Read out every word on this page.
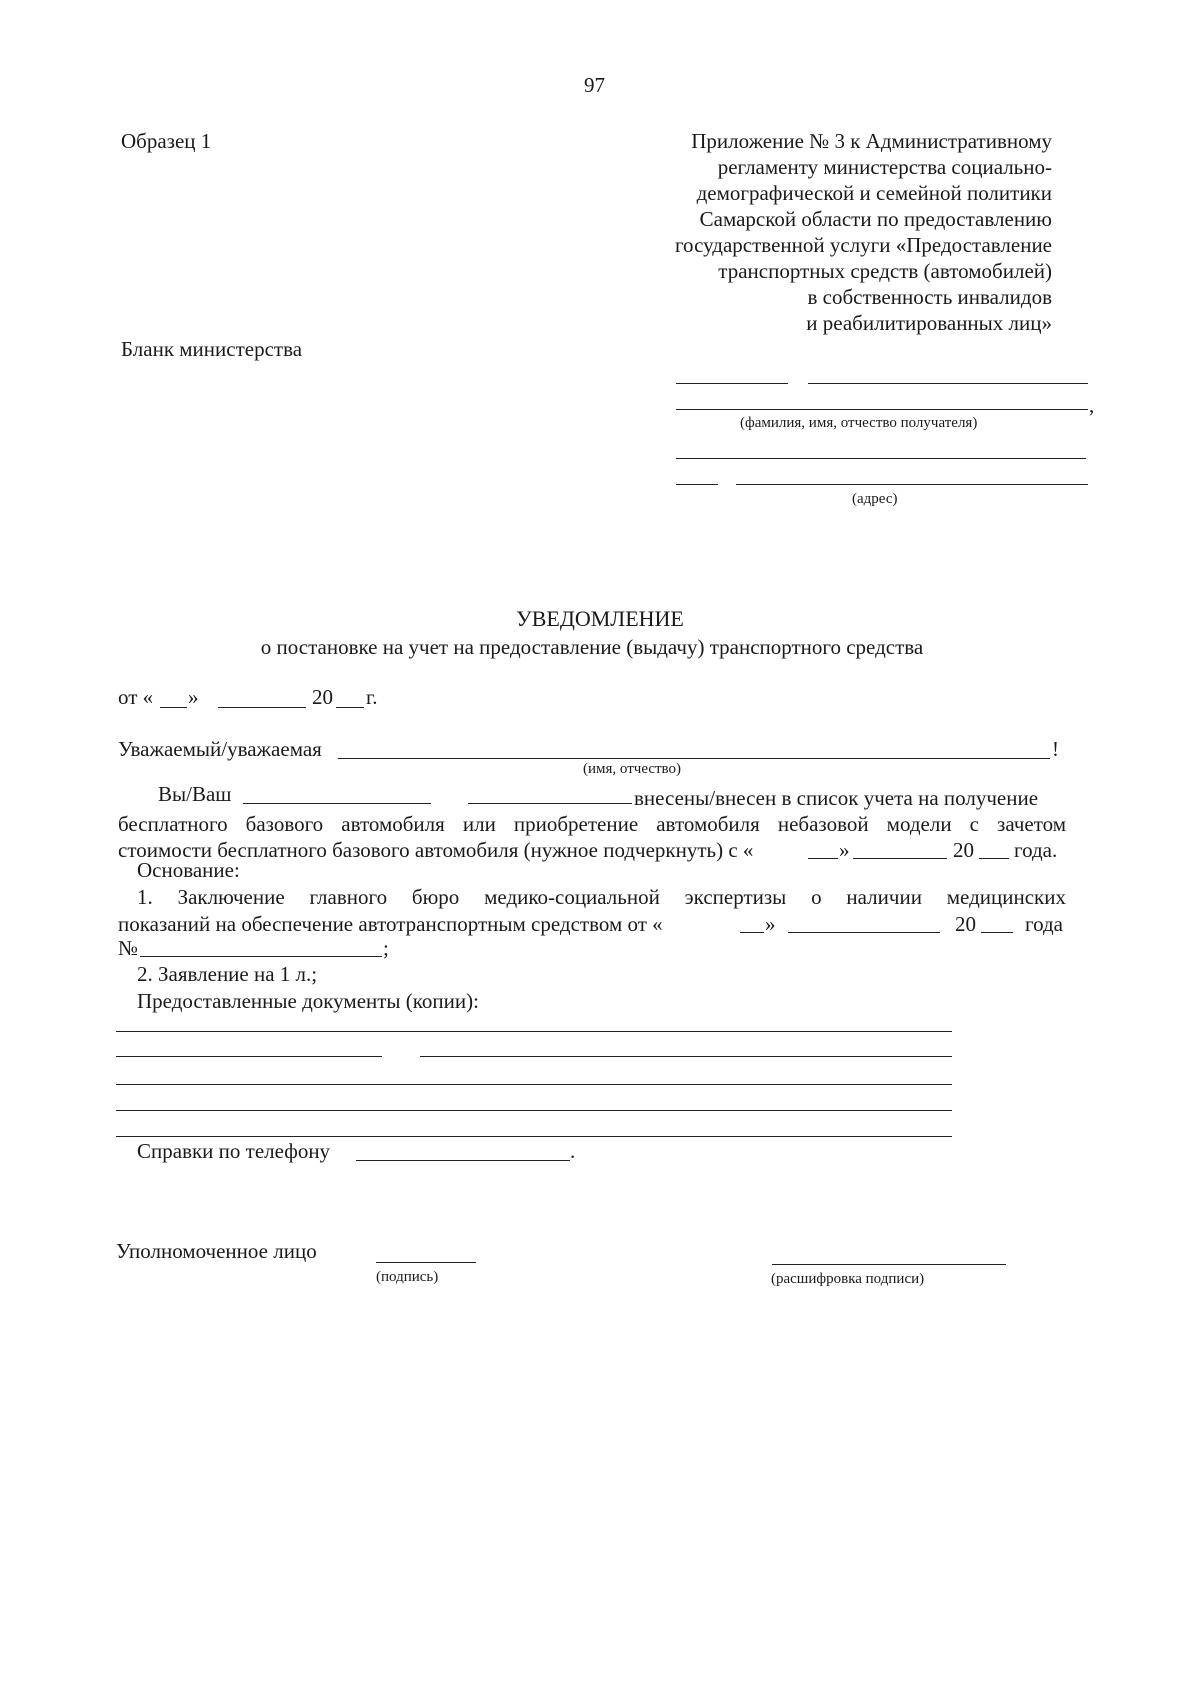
97
Образец 1	Приложение № 3 к Административному
регламенту министерства социально-
демографической и семейной политики
Самарской области по предоставлению
государственной услуги «Предоставление
транспортных средств (автомобилей)
в собственность инвалидов
и реабилитированных лиц»
Бланк министерства
,
(фамилия, имя, отчество получателя)
(адрес)
УВЕДОМЛЕНИЕ
о постановке на учет на предоставление (выдачу) транспортного средства
от « »	20 г.
Уважаемый/уважаемая	!
(имя, отчество)
Вы/Ваш	внесены/внесен в список учета на получение
бесплатного базового автомобиля или приобретение автомобиля небазовой модели с зачетом
стоимости бесплатного базового автомобиля (нужное подчеркнуть) с «	»	20 года.
Основание:
1. Заключение главного бюро медико-социальной экспертизы о наличии медицинских
показаний на обеспечение автотранспортным средством от «	»	20 года
№	;
2. Заявление на 1 л.;
Предоставленные документы (копии):
Справки по телефону	.
Уполномоченное лицо
(подпись)	(расшифровка подписи)
